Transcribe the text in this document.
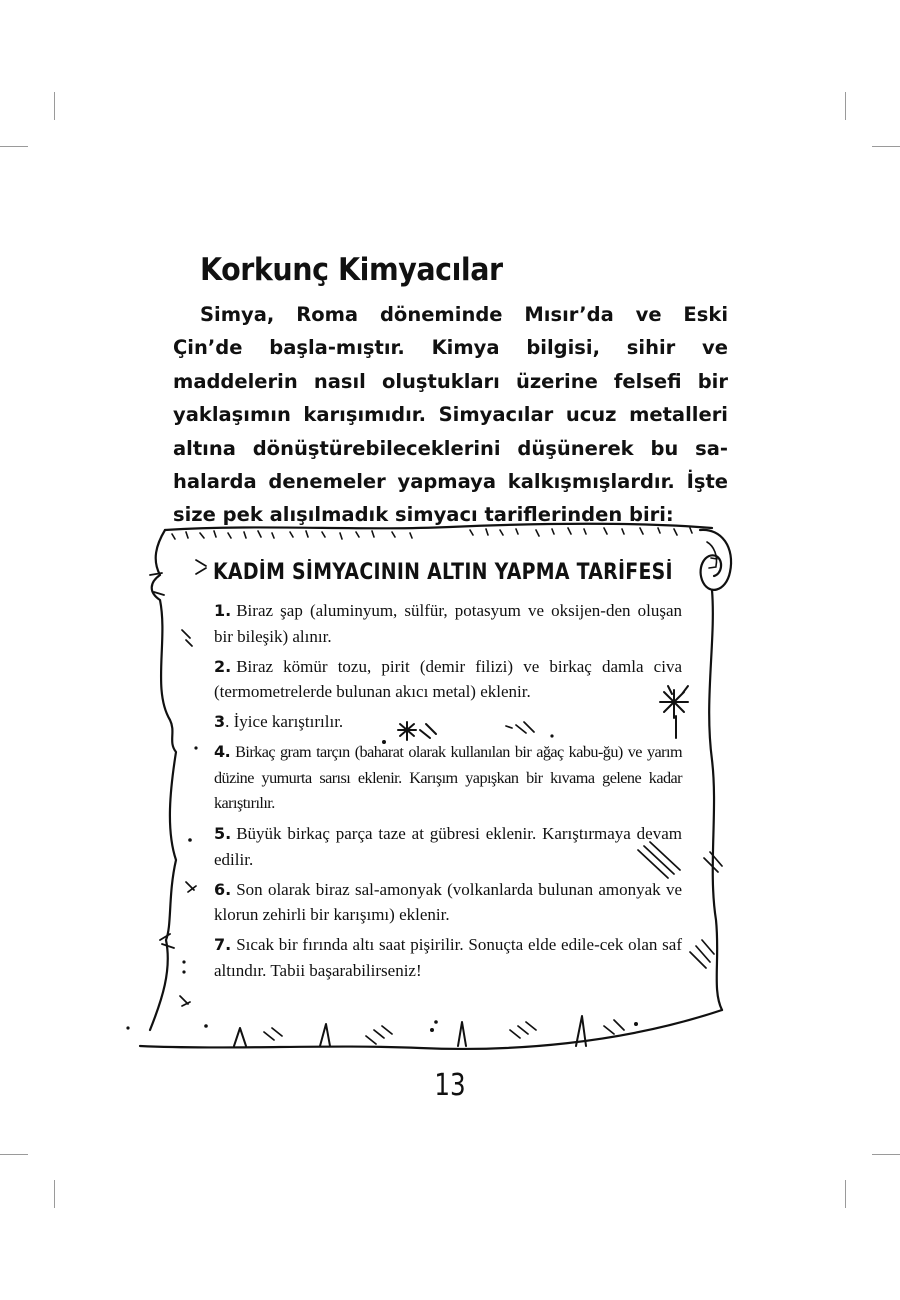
Korkunç Kimyacılar

Simya, Roma döneminde Mısır’da ve Eski Çin’de başla-mıştır. Kimya bilgisi, sihir ve maddelerin nasıl oluştukları üzerine felsefi bir yaklaşımın karışımıdır. Simyacılar ucuz metalleri altına dönüştürebileceklerini düşünerek bu sa-halarda denemeler yapmaya kalkışmışlardır. İşte size pek alışılmadık simyacı tariflerinden biri:

KADİM SİMYACININ ALTIN YAPMA TARİFESİ
1. Biraz şap (aluminyum, sülfür, potasyum ve oksijen-den oluşan bir bileşik) alınır.
2. Biraz kömür tozu, pirit (demir filizi) ve birkaç damla civa (termometrelerde bulunan akıcı metal) eklenir.
3. İyice karıştırılır.
4. Birkaç gram tarçın (baharat olarak kullanılan bir ağaç kabu-ğu) ve yarım düzine yumurta sarısı eklenir. Karışım yapışkan bir kıvama gelene kadar karıştırılır.
5. Büyük birkaç parça taze at gübresi eklenir. Karıştırmaya devam edilir.
6. Son olarak biraz sal-amonyak (volkanlarda bulunan amonyak ve klorun zehirli bir karışımı) eklenir.
7. Sıcak bir fırında altı saat pişirilir. Sonuçta elde edile-cek olan saf altındır. Tabii başarabilirseniz!

13
